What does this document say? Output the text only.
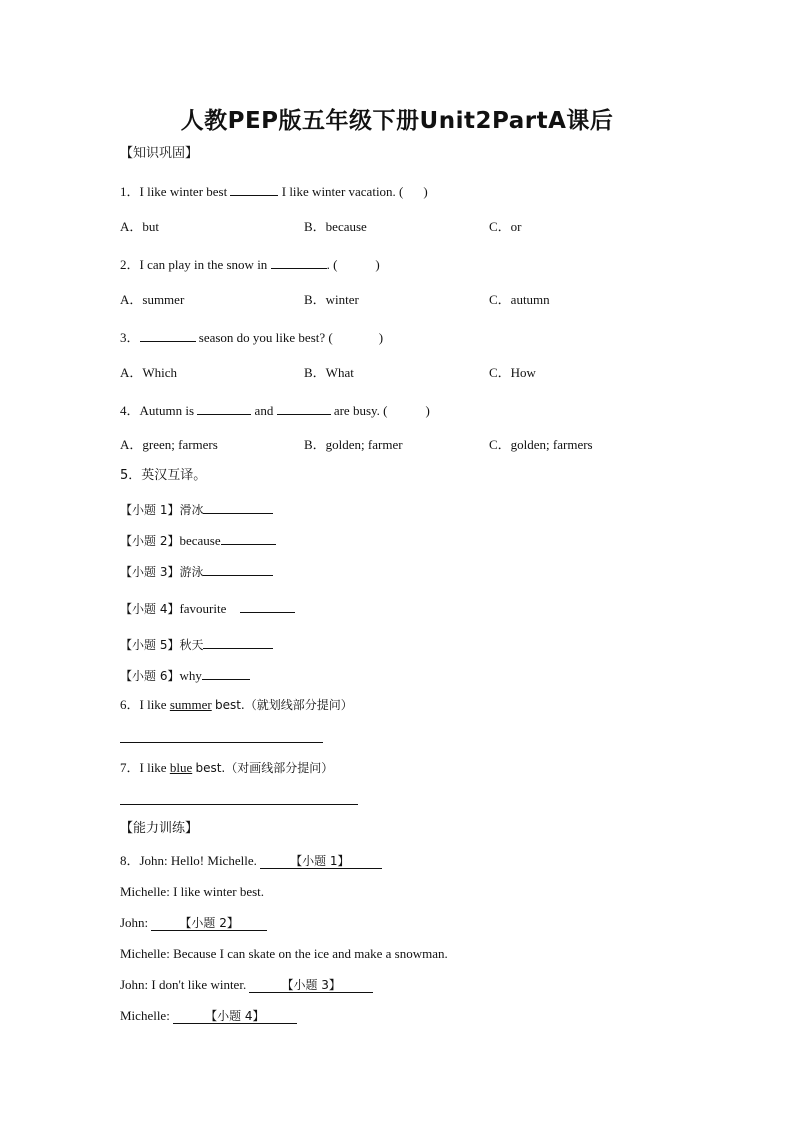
人教PEP版五年级下册Unit2PartA课后
【知识巩固】
1．I like winter best	I like winter vacation. ( )
A．but	B．because	C．or
2．I can play in the snow in	. (	)
A．summer	B．winter	C．autumn
3．	season do you like best? (	)
A．Which	B．What	C．How
4．Autumn is	and	are busy. (	)
A．green; farmers	B．golden; farmer	C．golden; farmers
5．英汉互译。
【小题 1】滑冰
【小题 2】because
【小题 3】游泳
【小题 4】favourite
【小题 5】秋天
【小题 6】why
6．I like summer best.（就划线部分提问）
7．I like blue best.（对画线部分提问）
【能力训练】
8．John: Hello! Michelle.	【小题 1】
Michelle: I like winter best.
John:	【小题 2】
Michelle: Because I can skate on the ice and make a snowman.
John: I don't like winter.	【小题 3】
Michelle:	【小题 4】
